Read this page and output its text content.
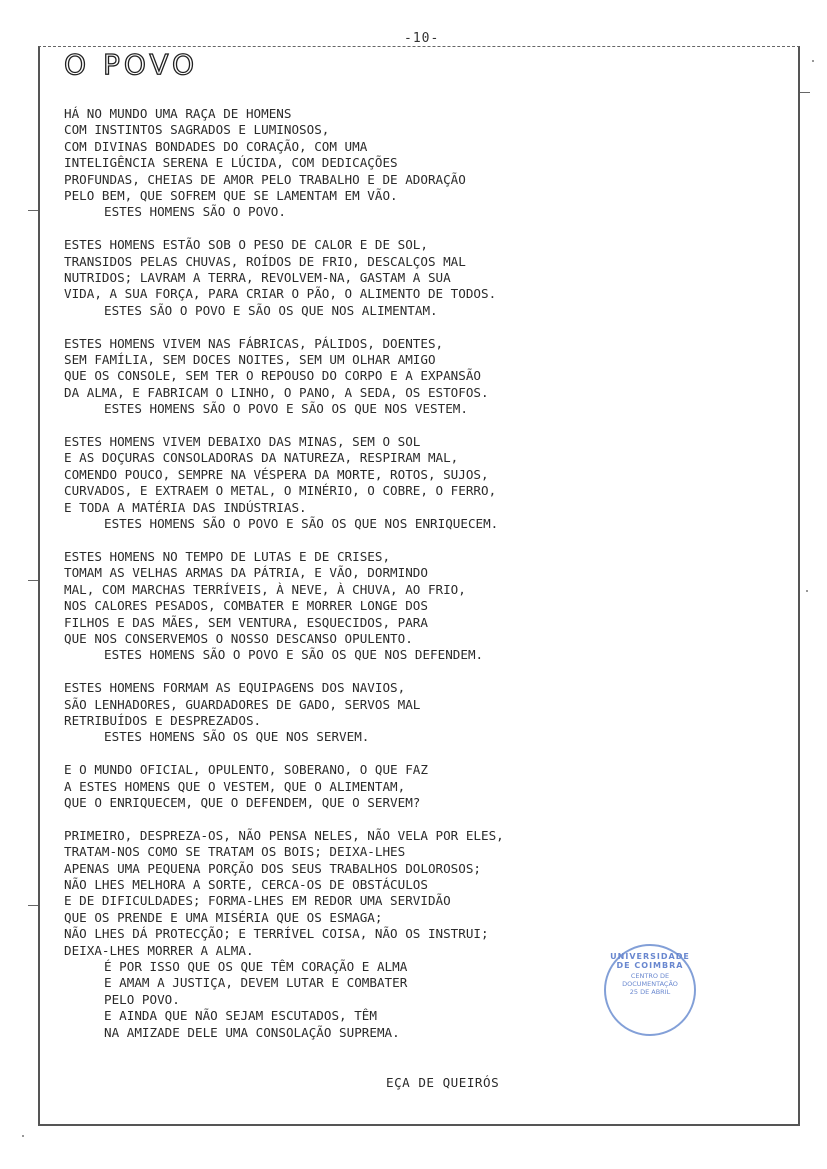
-10-
O POVO
HÁ NO MUNDO UMA RAÇA DE HOMENS
COM INSTINTOS SAGRADOS E LUMINOSOS,
COM DIVINAS BONDADES DO CORAÇÃO, COM UMA
INTELIGÊNCIA SERENA E LÚCIDA, COM DEDICAÇÕES
PROFUNDAS, CHEIAS DE AMOR PELO TRABALHO E DE ADORAÇÃO
PELO BEM, QUE SOFREM QUE SE LAMENTAM EM VÃO.
ESTES HOMENS SÃO O POVO.
ESTES HOMENS ESTÃO SOB O PESO DE CALOR E DE SOL,
TRANSIDOS PELAS CHUVAS, ROÍDOS DE FRIO, DESCALÇOS MAL
NUTRIDOS; LAVRAM A TERRA, REVOLVEM-NA, GASTAM A SUA
VIDA, A SUA FORÇA, PARA CRIAR O PÃO, O ALIMENTO DE TODOS.
ESTES SÃO O POVO E SÃO OS QUE NOS ALIMENTAM.
ESTES HOMENS VIVEM NAS FÁBRICAS, PÁLIDOS, DOENTES,
SEM FAMÍLIA, SEM DOCES NOITES, SEM UM OLHAR AMIGO
QUE OS CONSOLE, SEM TER O REPOUSO DO CORPO E A EXPANSÃO
DA ALMA, E FABRICAM O LINHO, O PANO, A SEDA, OS ESTOFOS.
ESTES HOMENS SÃO O POVO E SÃO OS QUE NOS VESTEM.
ESTES HOMENS VIVEM DEBAIXO DAS MINAS, SEM O SOL
E AS DOÇURAS CONSOLADORAS DA NATUREZA, RESPIRAM MAL,
COMENDO POUCO, SEMPRE NA VÉSPERA DA MORTE, ROTOS, SUJOS,
CURVADOS, E EXTRAEM O METAL, O MINÉRIO, O COBRE, O FERRO,
E TODA A MATÉRIA DAS INDÚSTRIAS.
ESTES HOMENS SÃO O POVO E SÃO OS QUE NOS ENRIQUECEM.
ESTES HOMENS NO TEMPO DE LUTAS E DE CRISES,
TOMAM AS VELHAS ARMAS DA PÁTRIA, E VÃO, DORMINDO
MAL, COM MARCHAS TERRÍVEIS, À NEVE, À CHUVA, AO FRIO,
NOS CALORES PESADOS, COMBATER E MORRER LONGE DOS
FILHOS E DAS MÃES, SEM VENTURA, ESQUECIDOS, PARA
QUE NOS CONSERVEMOS O NOSSO DESCANSO OPULENTO.
ESTES HOMENS SÃO O POVO E SÃO OS QUE NOS DEFENDEM.
ESTES HOMENS FORMAM AS EQUIPAGENS DOS NAVIOS,
SÃO LENHADORES, GUARDADORES DE GADO, SERVOS MAL
RETRIBUÍDOS E DESPREZADOS.
ESTES HOMENS SÃO OS QUE NOS SERVEM.
E O MUNDO OFICIAL, OPULENTO, SOBERANO, O QUE FAZ
A ESTES HOMENS QUE O VESTEM, QUE O ALIMENTAM,
QUE O ENRIQUECEM, QUE O DEFENDEM, QUE O SERVEM?
PRIMEIRO, DESPREZA-OS, NÃO PENSA NELES, NÃO VELA POR ELES,
TRATAM-NOS COMO SE TRATAM OS BOIS; DEIXA-LHES
APENAS UMA PEQUENA PORÇÃO DOS SEUS TRABALHOS DOLOROSOS;
NÃO LHES MELHORA A SORTE, CERCA-OS DE OBSTÁCULOS
E DE DIFICULDADES; FORMA-LHES EM REDOR UMA SERVIDÃO
QUE OS PRENDE E UMA MISÉRIA QUE OS ESMAGA;
NÃO LHES DÁ PROTECÇÃO; E TERRÍVEL COISA, NÃO OS INSTRUI;
DEIXA-LHES MORRER A ALMA.
É POR ISSO QUE OS QUE TÊM CORAÇÃO E ALMA
E AMAM A JUSTIÇA, DEVEM LUTAR E COMBATER
PELO POVO.
E AINDA QUE NÃO SEJAM ESCUTADOS, TÊM
NA AMIZADE DELE UMA CONSOLAÇÃO SUPREMA.
EÇA DE QUEIRÓS
UNIVERSIDADE DE COIMBRA
CENTRO DE
DOCUMENTAÇÃO
25 DE ABRIL
